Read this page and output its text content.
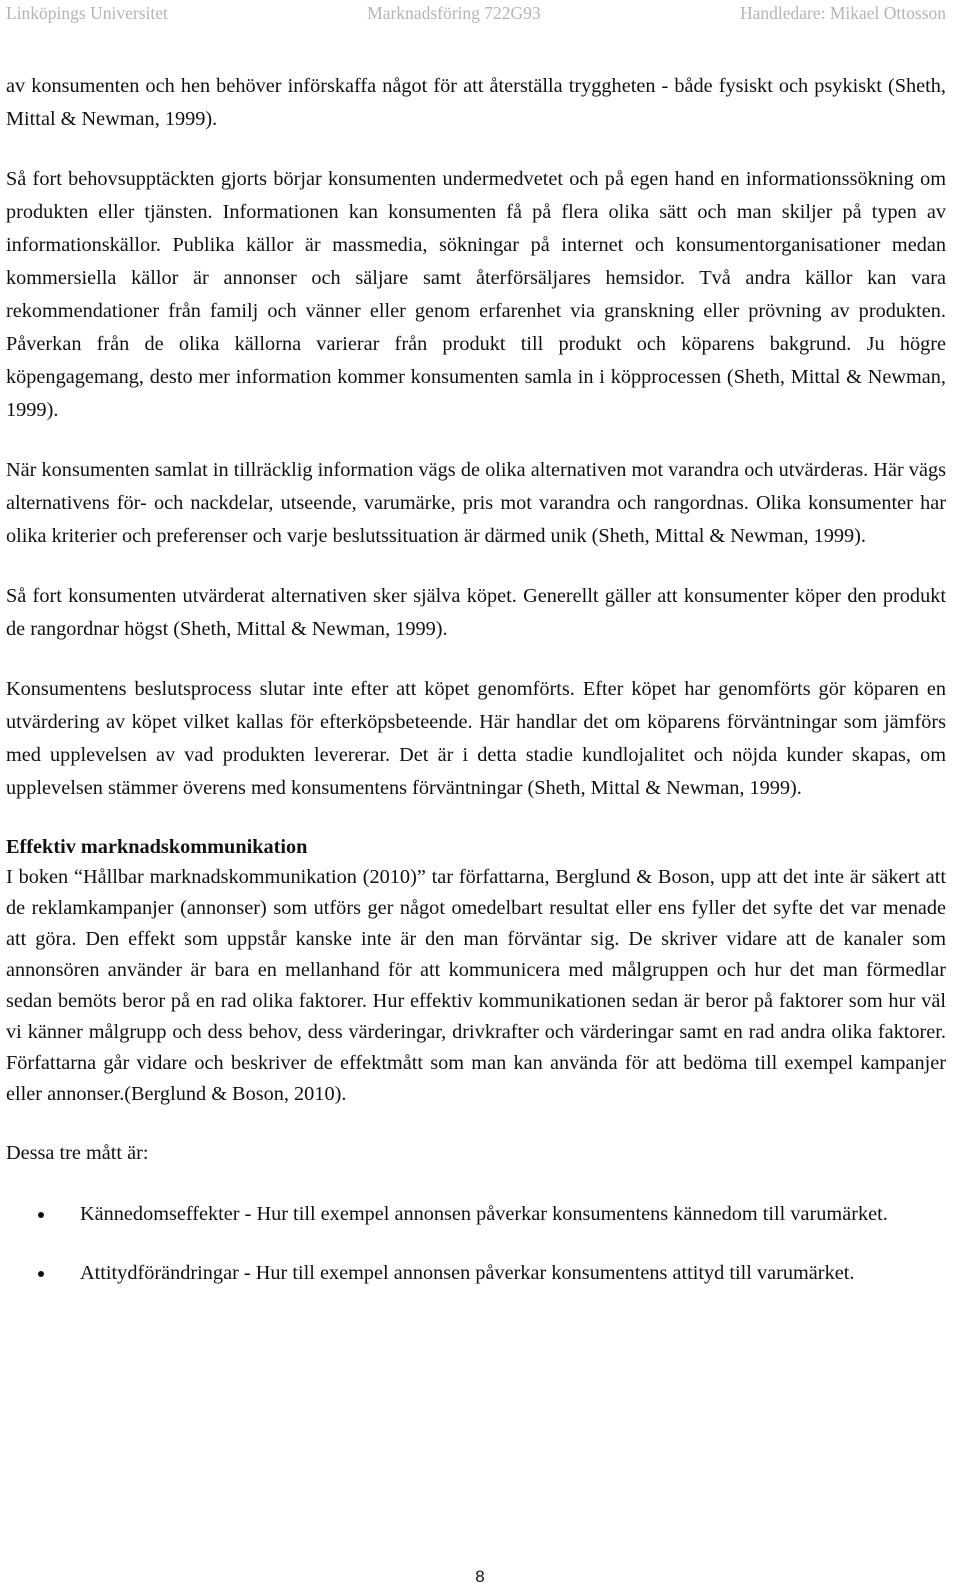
Linköpings Universitet	Marknadsföring 722G93	Handledare: Mikael Ottosson

av konsumenten och hen behöver införskaffa något för att återställa tryggheten - både fysiskt och psykiskt (Sheth, Mittal & Newman, 1999).

Så fort behovsupptäckten gjorts börjar konsumenten undermedvetet och på egen hand en informationssökning om produkten eller tjänsten. Informationen kan konsumenten få på flera olika sätt och man skiljer på typen av informationskällor. Publika källor är massmedia, sökningar på internet och konsumentorganisationer medan kommersiella källor är annonser och säljare samt återförsäljares hemsidor. Två andra källor kan vara rekommendationer från familj och vänner eller genom erfarenhet via granskning eller prövning av produkten. Påverkan från de olika källorna varierar från produkt till produkt och köparens bakgrund. Ju högre köpengagemang, desto mer information kommer konsumenten samla in i köpprocessen (Sheth, Mittal & Newman, 1999).

När konsumenten samlat in tillräcklig information vägs de olika alternativen mot varandra och utvärderas. Här vägs alternativens för- och nackdelar, utseende, varumärke, pris mot varandra och rangordnas. Olika konsumenter har olika kriterier och preferenser och varje beslutssituation är därmed unik (Sheth, Mittal & Newman, 1999).

Så fort konsumenten utvärderat alternativen sker själva köpet. Generellt gäller att konsumenter köper den produkt de rangordnar högst (Sheth, Mittal & Newman, 1999).

Konsumentens beslutsprocess slutar inte efter att köpet genomförts. Efter köpet har genomförts gör köparen en utvärdering av köpet vilket kallas för efterköpsbeteende. Här handlar det om köparens förväntningar som jämförs med upplevelsen av vad produkten levererar. Det är i detta stadie kundlojalitet och nöjda kunder skapas, om upplevelsen stämmer överens med konsumentens förväntningar (Sheth, Mittal & Newman, 1999).

Effektiv marknadskommunikation

I boken “Hållbar marknadskommunikation (2010)” tar författarna, Berglund & Boson, upp att det inte är säkert att de reklamkampanjer (annonser) som utförs ger något omedelbart resultat eller ens fyller det syfte det var menade att göra. Den effekt som uppstår kanske inte är den man förväntar sig. De skriver vidare att de kanaler som annonsören använder är bara en mellanhand för att kommunicera med målgruppen och hur det man förmedlar sedan bemöts beror på en rad olika faktorer. Hur effektiv kommunikationen sedan är beror på faktorer som hur väl vi känner målgrupp och dess behov, dess värderingar, drivkrafter och värderingar samt en rad andra olika faktorer. Författarna går vidare och beskriver de effektmått som man kan använda för att bedöma till exempel kampanjer eller annonser.(Berglund & Boson, 2010).

Dessa tre mått är:

Kännedomseffekter - Hur till exempel annonsen påverkar konsumentens kännedom till varumärket.
Attitydförändringar - Hur till exempel annonsen påverkar konsumentens attityd till varumärket.
8
